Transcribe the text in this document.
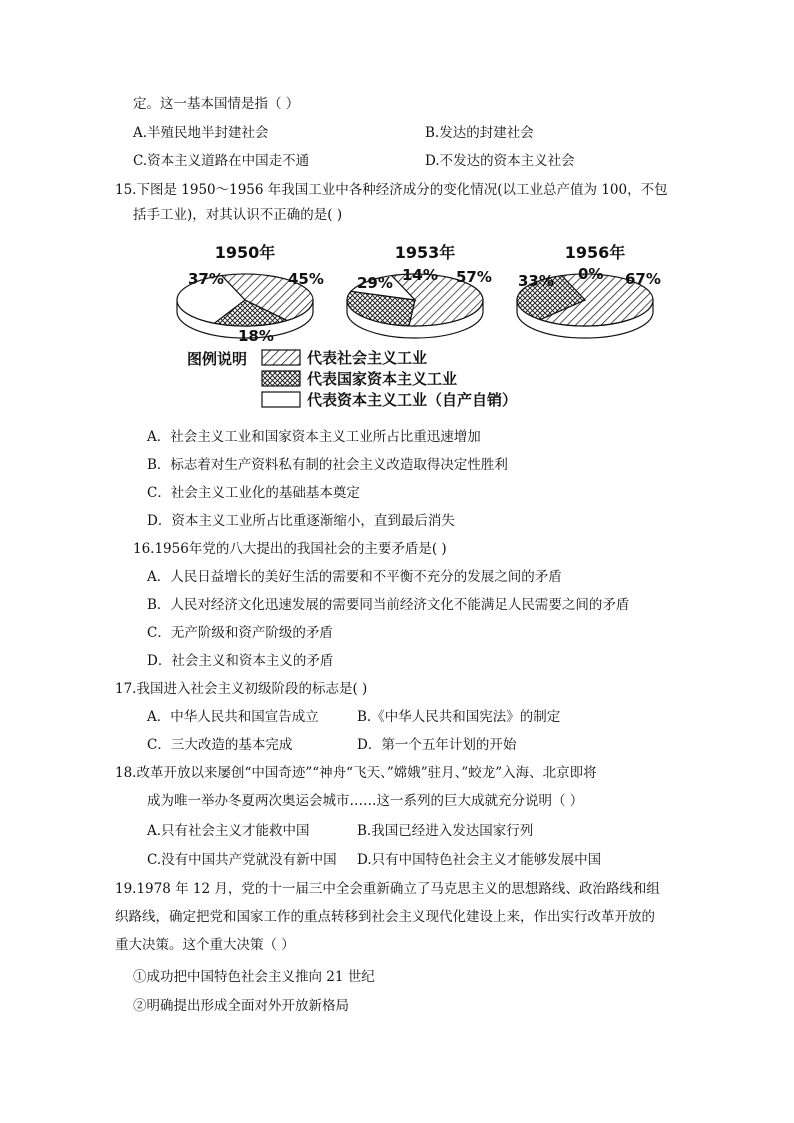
定。这一基本国情是指（ ）
A.半殖民地半封建社会	B.发达的封建社会
C.资本主义道路在中国走不通	D.不发达的资本主义社会
15.下图是 1950～1956 年我国工业中各种经济成分的变化情况(以工业总产值为 100，不包
括手工业)，对其认识不正确的是( )
45%
18%
37%
1950年
57%
29% 14%
1953年
67%
33% 0%
1956年
图例说明	代表社会主义工业
代表国家资本主义工业
代表资本主义工业（自产自销）
A．社会主义工业和国家资本主义工业所占比重迅速增加
B．标志着对生产资料私有制的社会主义改造取得决定性胜利
C．社会主义工业化的基础基本奠定
D．资本主义工业所占比重逐渐缩小，直到最后消失
16.1956年党的八大提出的我国社会的主要矛盾是( )
A．人民日益增长的美好生活的需要和不平衡不充分的发展之间的矛盾
B．人民对经济文化迅速发展的需要同当前经济文化不能满足人民需要之间的矛盾
C．无产阶级和资产阶级的矛盾
D．社会主义和资本主义的矛盾
17.我国进入社会主义初级阶段的标志是( )
A．中华人民共和国宣告成立	B.《中华人民共和国宪法》的制定
C．三大改造的基本完成	D．第一个五年计划的开始
18.改革开放以来屡创“中国奇迹”“神舟“飞天、”嫦娥”驻月、”蛟龙”入海、北京即将
成为唯一举办冬夏两次奥运会城市……这一系列的巨大成就充分说明（ ）
A.只有社会主义才能救中国	B.我国已经进入发达国家行列
C.没有中国共产党就没有新中国 D.只有中国特色社会主义才能够发展中国
19.1978 年 12 月，党的十一届三中全会重新确立了马克思主义的思想路线、政治路线和组
织路线，确定把党和国家工作的重点转移到社会主义现代化建设上来，作出实行改革开放的
重大决策。这个重大决策（ ）
①成功把中国特色社会主义推向 21 世纪
②明确提出形成全面对外开放新格局
